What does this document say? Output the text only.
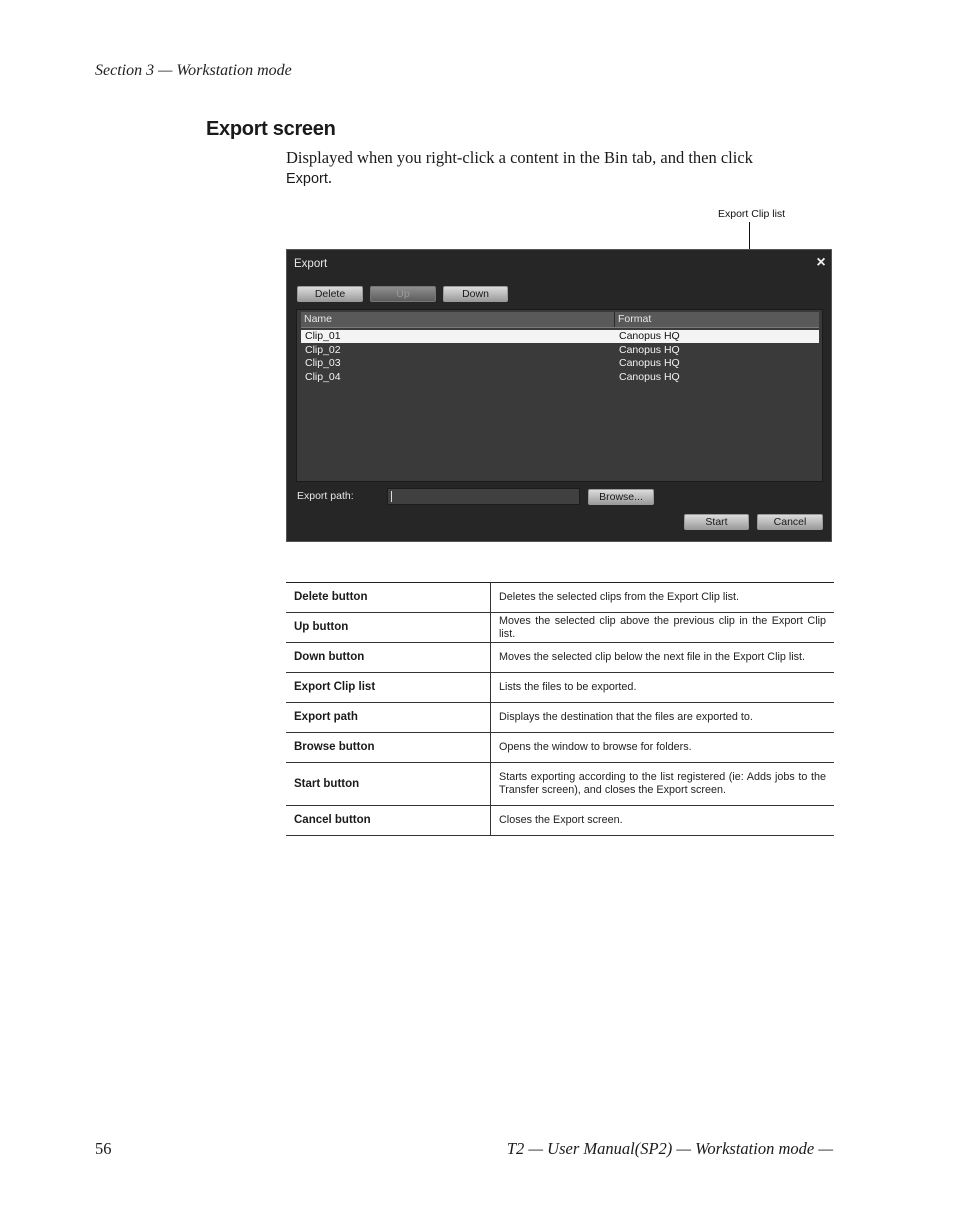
Section 3 — Workstation mode
Export screen
Displayed when you right-click a content in the Bin tab, and then click
Export.
Export Clip list
Export	×
Delete	Up	Down
Name	Format
Clip_01	Canopus HQ
Clip_02	Canopus HQ
Clip_03	Canopus HQ
Clip_04	Canopus HQ
Export path:	Browse...
Start	Cancel
Delete button	Deletes the selected clips from the Export Clip list.
Up button	Moves the selected clip above the previous clip in the Export Clip list.
Down button	Moves the selected clip below the next file in the Export Clip list.
Export Clip list	Lists the files to be exported.
Export path	Displays the destination that the files are exported to.
Browse button	Opens the window to browse for folders.
Start button	Starts exporting according to the list registered (ie: Adds jobs to the Transfer screen), and closes the Export screen.
Cancel button	Closes the Export screen.
56	T2 — User Manual(SP2) — Workstation mode —
